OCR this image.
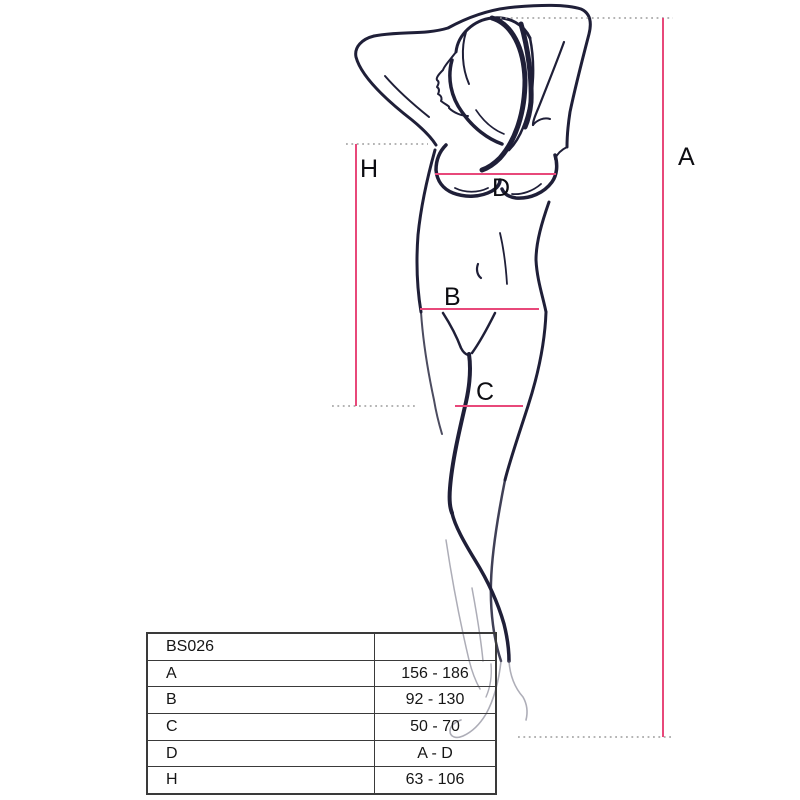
A
H
D
B
C
BS026
A	156 - 186
B	92 - 130
C	50 - 70
D	A - D
H	63 - 106
